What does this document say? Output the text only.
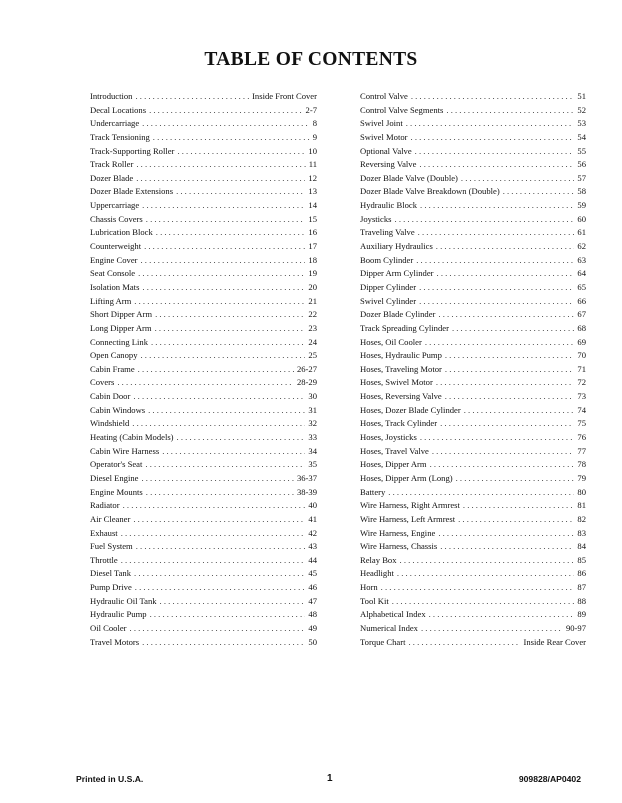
TABLE OF CONTENTS
Introduction . . .	Inside Front Cover
Decal Locations . . .	2-7
Undercarriage . . .	8
Track Tensioning . . .	9
Track-Supporting Roller . . .	10
Track Roller . . .	11
Dozer Blade . . .	12
Dozer Blade Extensions . . .	13
Uppercarriage . . .	14
Chassis Covers . . .	15
Lubrication Block . . .	16
Counterweight . . .	17
Engine Cover . . .	18
Seat Console . . .	19
Isolation Mats . . .	20
Lifting Arm . . .	21
Short Dipper Arm . . .	22
Long Dipper Arm . . .	23
Connecting Link . . .	24
Open Canopy . . .	25
Cabin Frame . . .	26-27
Covers . . .	28-29
Cabin Door . . .	30
Cabin Windows . . .	31
Windshield . . .	32
Heating (Cabin Models) . . .	33
Cabin Wire Harness . . .	34
Operator's Seat . . .	35
Diesel Engine . . .	36-37
Engine Mounts . . .	38-39
Radiator . . .	40
Air Cleaner . . .	41
Exhaust . . .	42
Fuel System . . .	43
Throttle . . .	44
Diesel Tank . . .	45
Pump Drive . . .	46
Hydraulic Oil Tank . . .	47
Hydraulic Pump . . .	48
Oil Cooler . . .	49
Travel Motors . . .	50
Control Valve . . .	51
Control Valve Segments . . .	52
Swivel Joint . . .	53
Swivel Motor . . .	54
Optional Valve . . .	55
Reversing Valve . . .	56
Dozer Blade Valve (Double) . . .	57
Dozer Blade Valve Breakdown (Double) . . .	58
Hydraulic Block . . .	59
Joysticks . . .	60
Traveling Valve . . .	61
Auxiliary Hydraulics . . .	62
Boom Cylinder . . .	63
Dipper Arm Cylinder . . .	64
Dipper Cylinder . . .	65
Swivel Cylinder . . .	66
Dozer Blade Cylinder . . .	67
Track Spreading Cylinder . . .	68
Hoses, Oil Cooler . . .	69
Hoses, Hydraulic Pump . . .	70
Hoses, Traveling Motor . . .	71
Hoses, Swivel Motor . . .	72
Hoses, Reversing Valve . . .	73
Hoses, Dozer Blade Cylinder . . .	74
Hoses, Track Cylinder . . .	75
Hoses, Joysticks . . .	76
Hoses, Travel Valve . . .	77
Hoses, Dipper Arm . . .	78
Hoses, Dipper Arm (Long) . . .	79
Battery . . .	80
Wire Harness, Right Armrest . . .	81
Wire Harness, Left Armrest . . .	82
Wire Harness, Engine . . .	83
Wire Harness, Chassis . . .	84
Relay Box . . .	85
Headlight . . .	86
Horn . . .	87
Tool Kit . . .	88
Alphabetical Index . . .	89
Numerical Index . . .	90-97
Torque Chart . . .	Inside Rear Cover
Printed in U.S.A.	1	909828/AP0402
